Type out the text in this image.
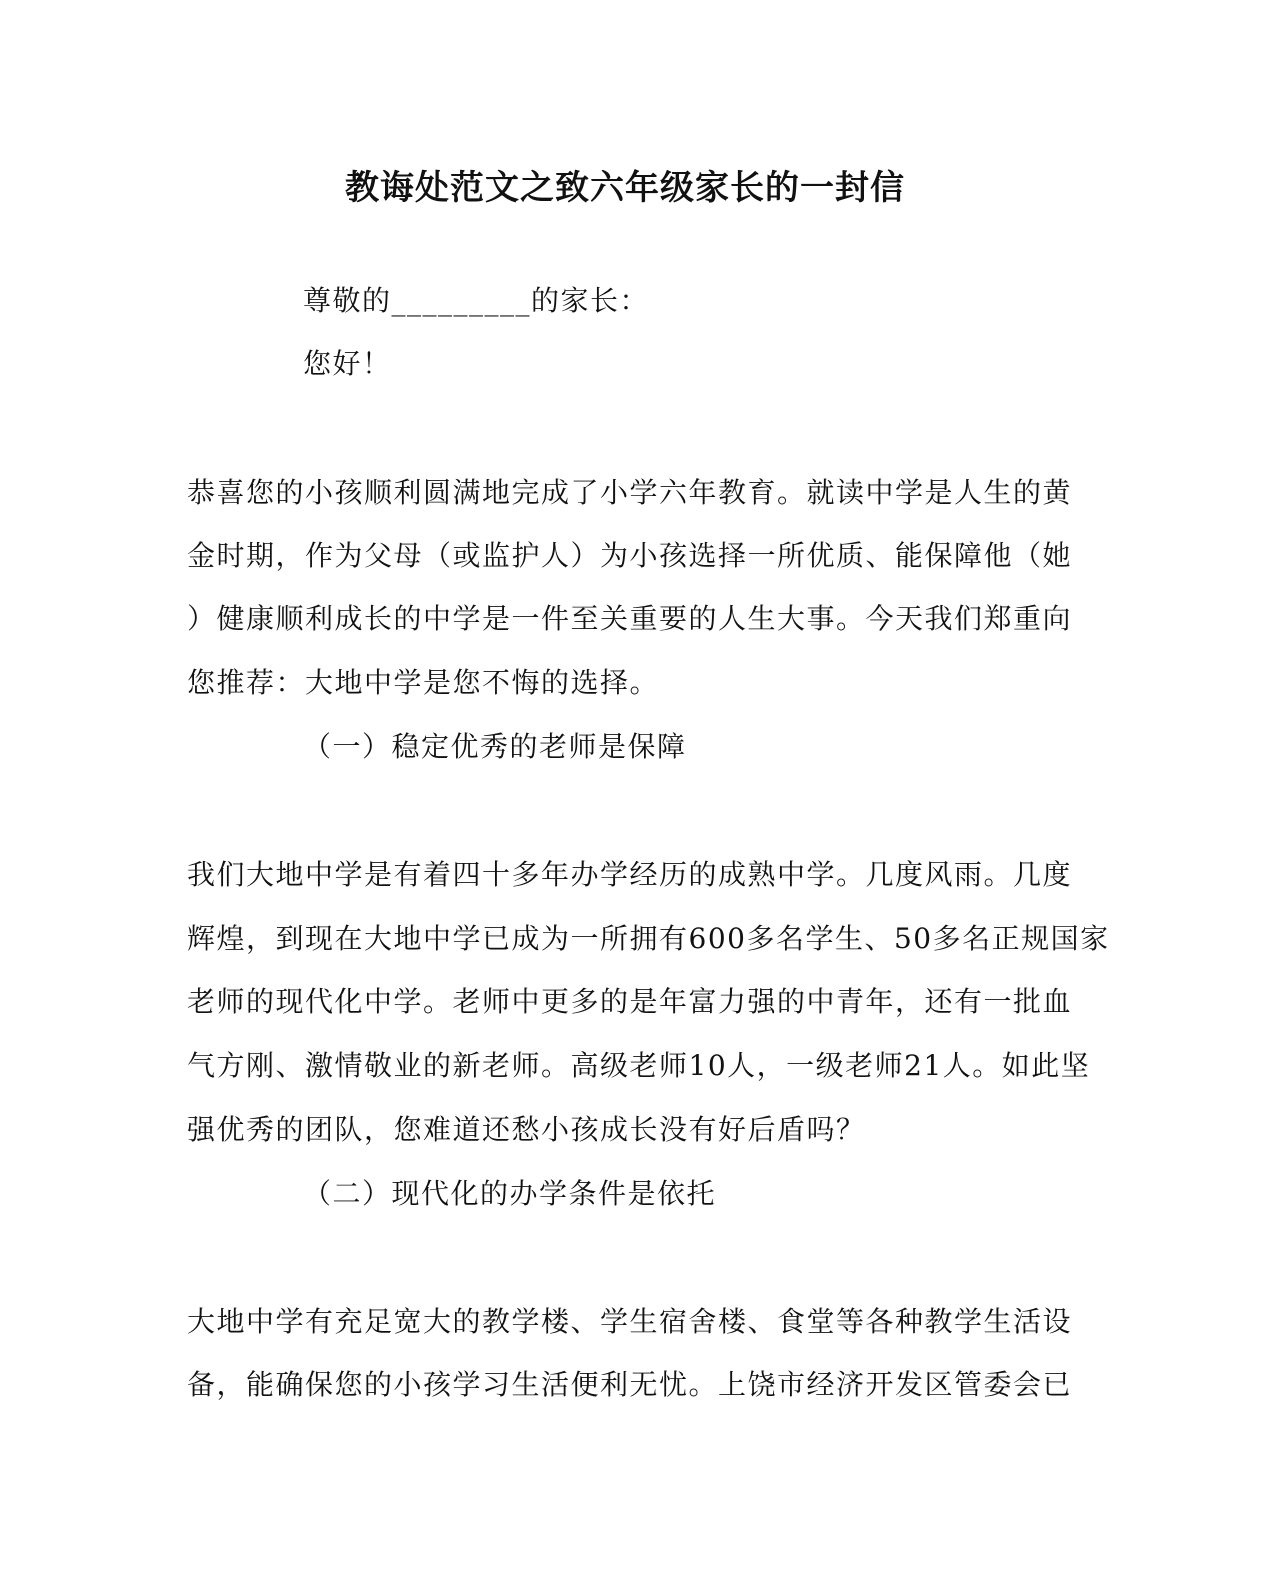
教诲处范文之致六年级家长的一封信
尊敬的_________的家长：
您好！
恭喜您的小孩顺利圆满地完成了小学六年教育。就读中学是人生的黄
金时期，作为父母（或监护人）为小孩选择一所优质、能保障他（她
）健康顺利成长的中学是一件至关重要的人生大事。今天我们郑重向
您推荐：大地中学是您不悔的选择。
（一）稳定优秀的老师是保障
我们大地中学是有着四十多年办学经历的成熟中学。几度风雨。几度
辉煌，到现在大地中学已成为一所拥有600多名学生、50多名正规国家
老师的现代化中学。老师中更多的是年富力强的中青年，还有一批血
气方刚、激情敬业的新老师。高级老师10人，一级老师21人。如此坚
强优秀的团队，您难道还愁小孩成长没有好后盾吗？
（二）现代化的办学条件是依托
大地中学有充足宽大的教学楼、学生宿舍楼、食堂等各种教学生活设
备，能确保您的小孩学习生活便利无忧。上饶市经济开发区管委会已
